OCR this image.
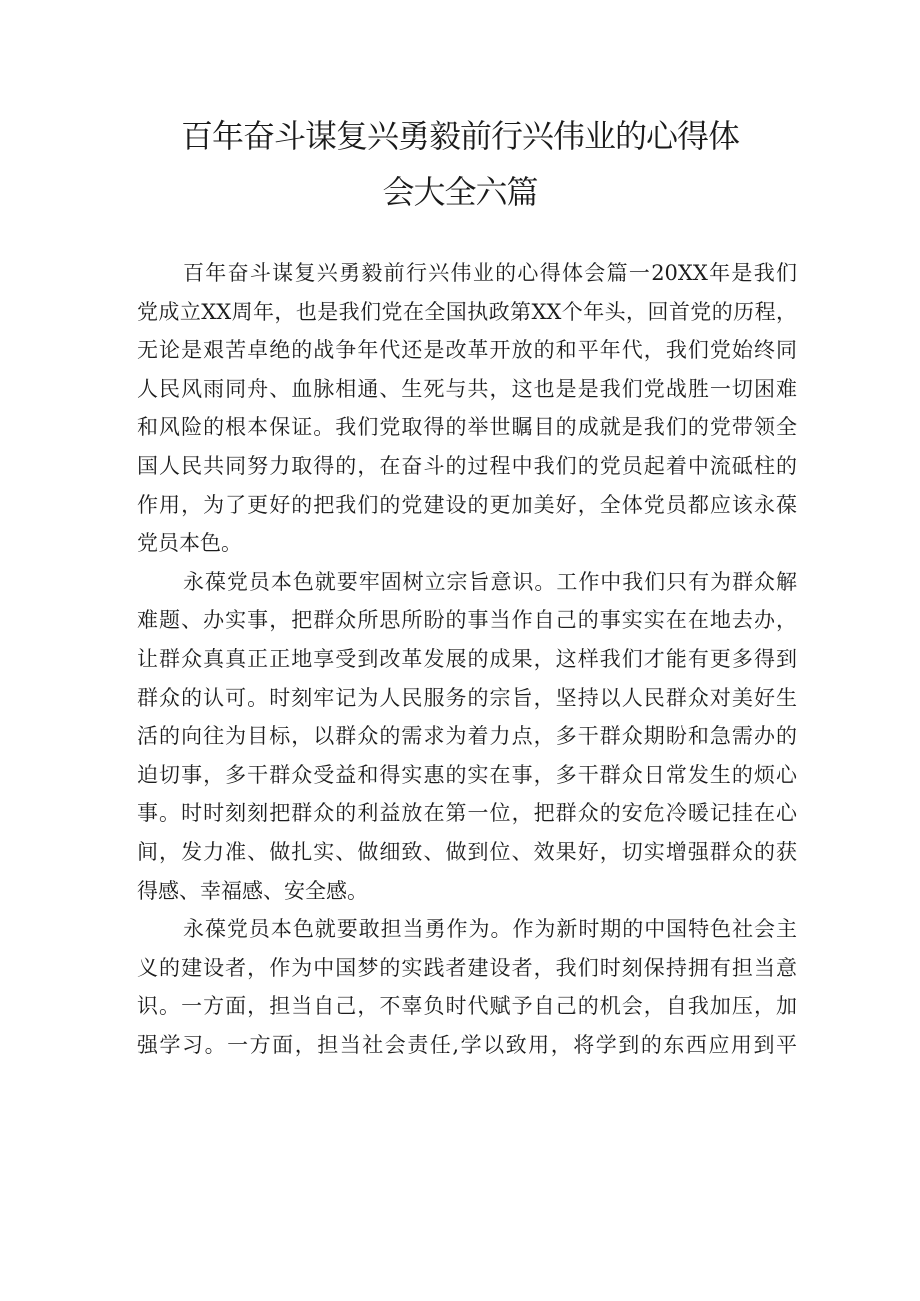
百年奋斗谋复兴勇毅前行兴伟业的心得体
会大全六篇
百年奋斗谋复兴勇毅前行兴伟业的心得体会篇一20XX年是我们
党成立XX周年，也是我们党在全国执政第XX个年头，回首党的历程，
无论是艰苦卓绝的战争年代还是改革开放的和平年代，我们党始终同
人民风雨同舟、血脉相通、生死与共，这也是是我们党战胜一切困难
和风险的根本保证。我们党取得的举世瞩目的成就是我们的党带领全
国人民共同努力取得的，在奋斗的过程中我们的党员起着中流砥柱的
作用，为了更好的把我们的党建设的更加美好，全体党员都应该永葆
党员本色。
永葆党员本色就要牢固树立宗旨意识。工作中我们只有为群众解
难题、办实事，把群众所思所盼的事当作自己的事实实在在地去办，
让群众真真正正地享受到改革发展的成果，这样我们才能有更多得到
群众的认可。时刻牢记为人民服务的宗旨，坚持以人民群众对美好生
活的向往为目标，以群众的需求为着力点，多干群众期盼和急需办的
迫切事，多干群众受益和得实惠的实在事，多干群众日常发生的烦心
事。时时刻刻把群众的利益放在第一位，把群众的安危冷暖记挂在心
间，发力准、做扎实、做细致、做到位、效果好，切实增强群众的获
得感、幸福感、安全感。
永葆党员本色就要敢担当勇作为。作为新时期的中国特色社会主
义的建设者，作为中国梦的实践者建设者，我们时刻保持拥有担当意
识。一方面，担当自己，不辜负时代赋予自己的机会，自我加压，加
强学习。一方面，担当社会责任,学以致用，将学到的东西应用到平
